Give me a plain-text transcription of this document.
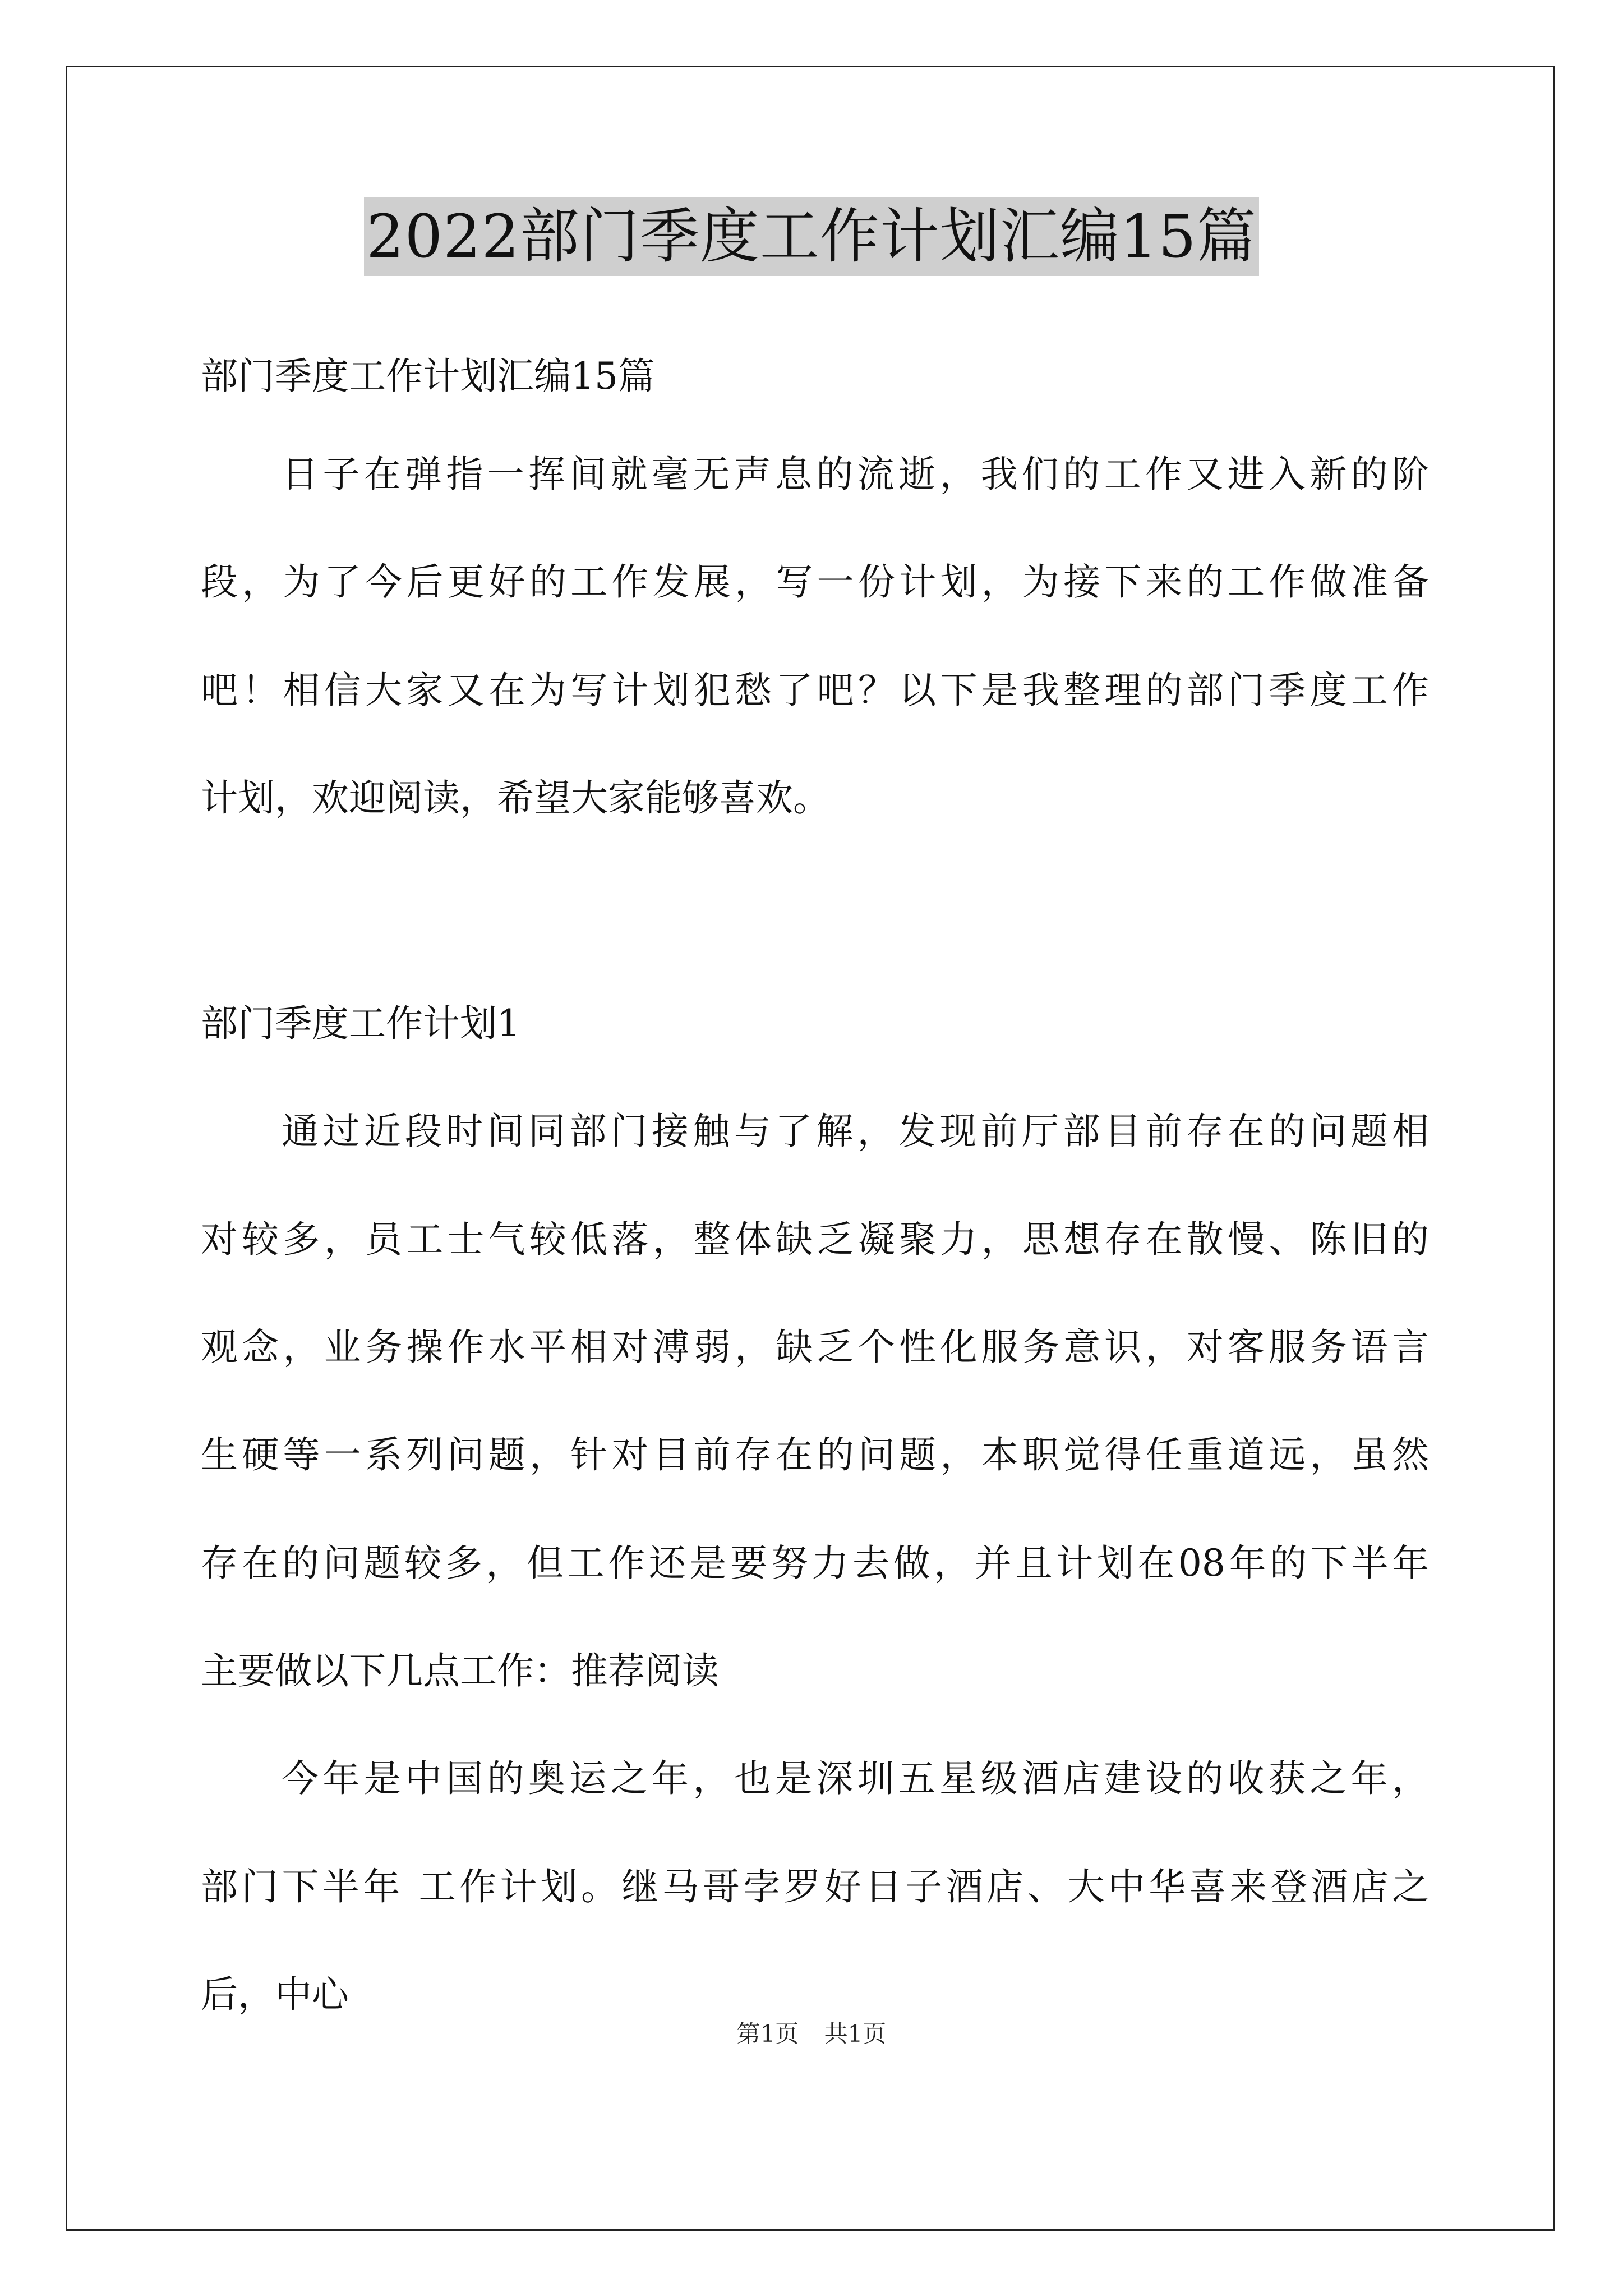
2022部门季度工作计划汇编15篇
部门季度工作计划汇编15篇
日子在弹指一挥间就毫无声息的流逝，我们的工作又进入新的阶
段，为了今后更好的工作发展，写一份计划，为接下来的工作做准备
吧！相信大家又在为写计划犯愁了吧？以下是我整理的部门季度工作
计划，欢迎阅读，希望大家能够喜欢。
部门季度工作计划1
通过近段时间同部门接触与了解，发现前厅部目前存在的问题相
对较多，员工士气较低落，整体缺乏凝聚力，思想存在散慢、陈旧的
观念，业务操作水平相对溥弱，缺乏个性化服务意识，对客服务语言
生硬等一系列问题，针对目前存在的问题，本职觉得任重道远，虽然
存在的问题较多，但工作还是要努力去做，并且计划在08年的下半年
主要做以下几点工作：推荐阅读
今年是中国的奥运之年，也是深圳五星级酒店建设的收获之年，
部门下半年 工作计划。继马哥孛罗好日子酒店、大中华喜来登酒店之
后，中心
第1页 共1页
